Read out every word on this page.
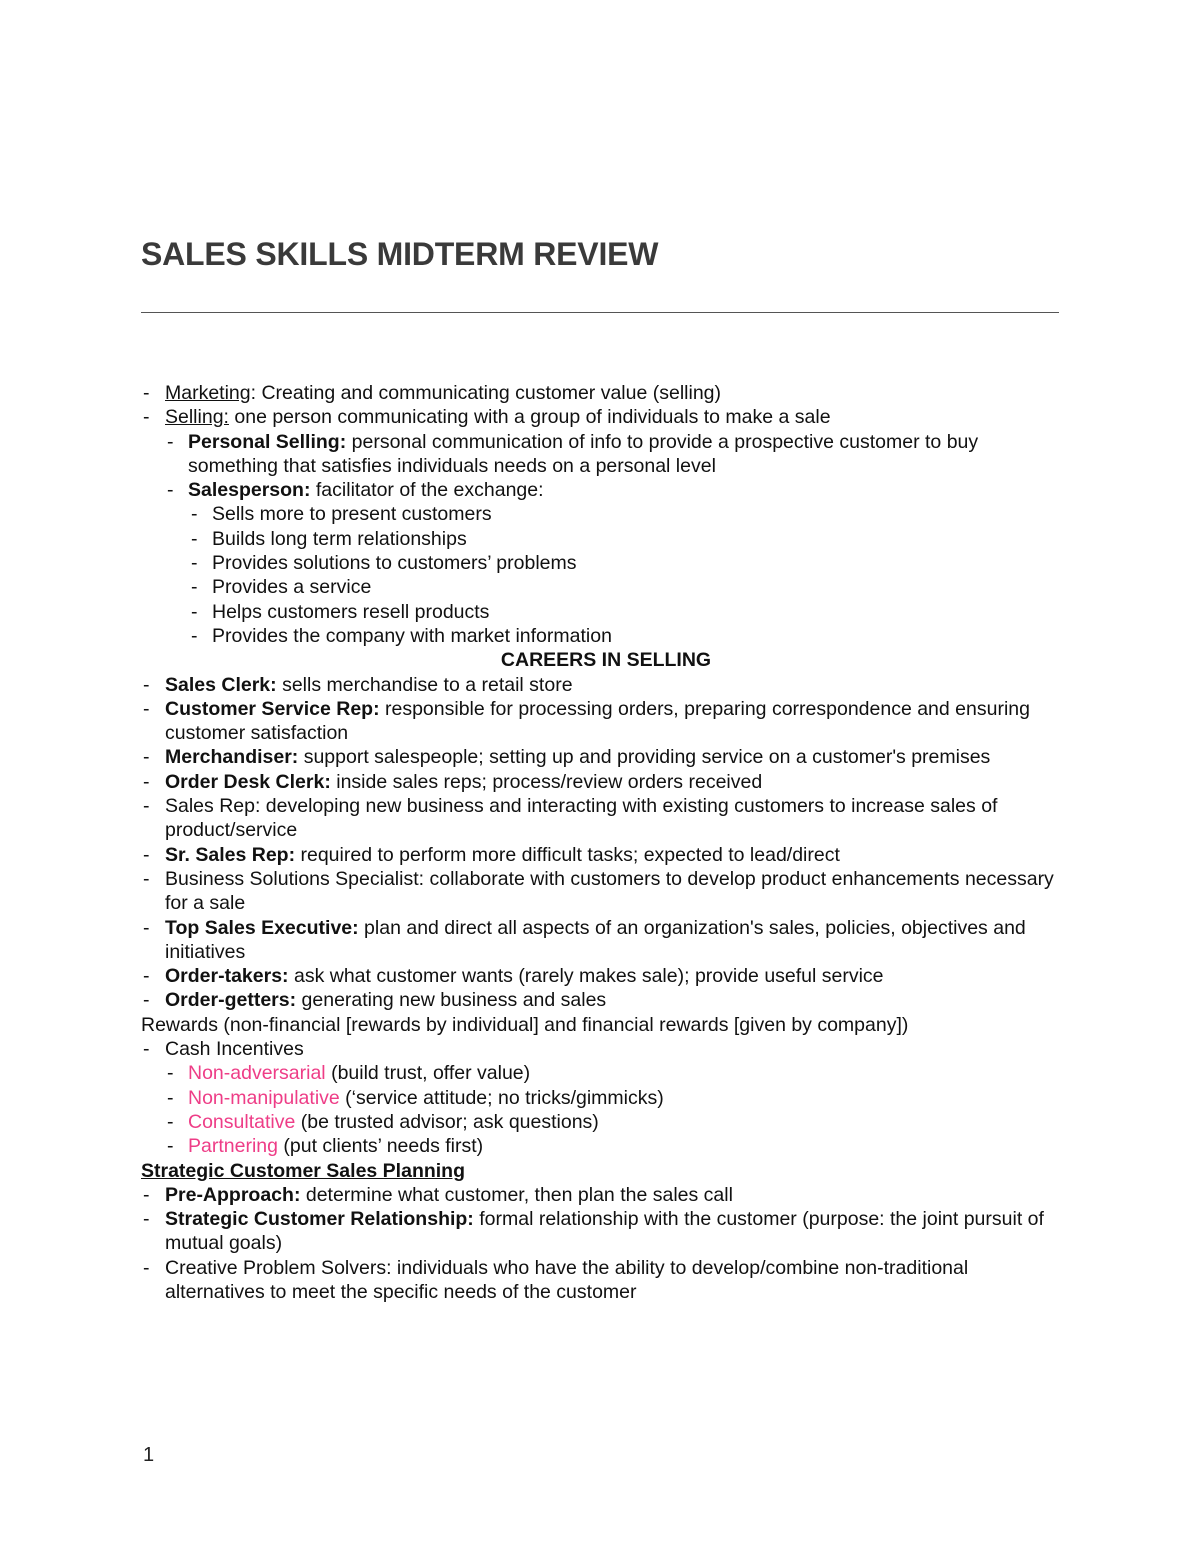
SALES SKILLS MIDTERM REVIEW
- Marketing: Creating and communicating customer value (selling)
- Selling: one person communicating with a group of individuals to make a sale
- Personal Selling: personal communication of info to provide a prospective customer to buy something that satisfies individuals needs on a personal level
- Salesperson: facilitator of the exchange:
- Sells more to present customers
- Builds long term relationships
- Provides solutions to customers’ problems
- Provides a service
- Helps customers resell products
- Provides the company with market information
CAREERS IN SELLING
- Sales Clerk: sells merchandise to a retail store
- Customer Service Rep: responsible for processing orders, preparing correspondence and ensuring customer satisfaction
- Merchandiser: support salespeople; setting up and providing service on a customer's premises
- Order Desk Clerk: inside sales reps; process/review orders received
- Sales Rep: developing new business and interacting with existing customers to increase sales of product/service
- Sr. Sales Rep: required to perform more difficult tasks; expected to lead/direct
- Business Solutions Specialist: collaborate with customers to develop product enhancements necessary for a sale
- Top Sales Executive: plan and direct all aspects of an organization's sales, policies, objectives and initiatives
- Order-takers: ask what customer wants (rarely makes sale); provide useful service
- Order-getters: generating new business and sales
Rewards (non-financial [rewards by individual] and financial rewards [given by company])
- Cash Incentives
- Non-adversarial (build trust, offer value)
- Non-manipulative (‘service attitude; no tricks/gimmicks)
- Consultative (be trusted advisor; ask questions)
- Partnering (put clients’ needs first)
Strategic Customer Sales Planning
- Pre-Approach: determine what customer, then plan the sales call
- Strategic Customer Relationship: formal relationship with the customer (purpose: the joint pursuit of mutual goals)
- Creative Problem Solvers: individuals who have the ability to develop/combine non-traditional alternatives to meet the specific needs of the customer
1
